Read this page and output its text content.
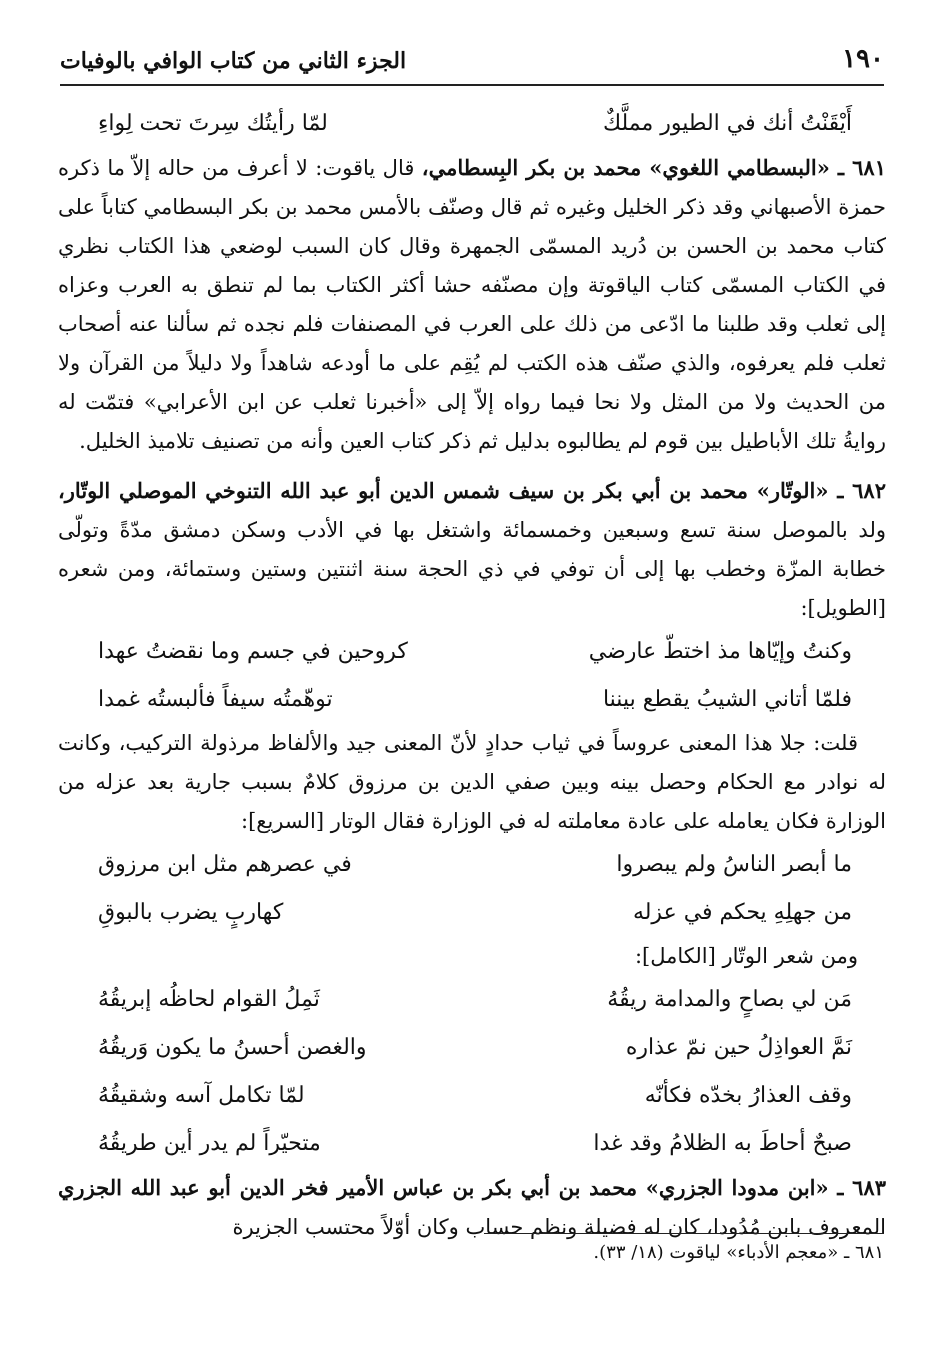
١٩٠
الجزء الثاني من كتاب الوافي بالوفيات
أَيْقَنْتُ أنك في الطيور مملَّكٌ
لمّا رأيتُك سِرتَ تحت لِواءِ

٦٨١ ـ «البسطامي اللغوي» محمد بن بكر البِسطامي، قال ياقوت: لا أعرف من حاله إلاّ ما ذكره حمزة الأصبهاني وقد ذكر الخليل وغيره ثم قال وصنّف بالأمس محمد بن بكر البسطامي كتاباً على كتاب محمد بن الحسن بن دُريد المسمّى الجمهرة وقال كان السبب لوضعي هذا الكتاب نظري في الكتاب المسمّى كتاب الياقوتة وإن مصنّفه حشا أكثر الكتاب بما لم تنطق به العرب وعزاه إلى ثعلب وقد طلبنا ما ادّعى من ذلك على العرب في المصنفات فلم نجده ثم سألنا عنه أصحاب ثعلب فلم يعرفوه، والذي صنّف هذه الكتب لم يُقِم على ما أودعه شاهداً ولا دليلاً من القرآن ولا من الحديث ولا من المثل ولا نحا فيما رواه إلاّ إلى «أخبرنا ثعلب عن ابن الأعرابي» فتمّت له روايةُ تلك الأباطيل بين قوم لم يطالبوه بدليل ثم ذكر كتاب العين وأنه من تصنيف تلاميذ الخليل.

٦٨٢ ـ «الوتّار» محمد بن أبي بكر بن سيف شمس الدين أبو عبد الله التنوخي الموصلي الوتّار، ولد بالموصل سنة تسع وسبعين وخمسمائة واشتغل بها في الأدب وسكن دمشق مدّةً وتولّى خطابة المزّة وخطب بها إلى أن توفي في ذي الحجة سنة اثنتين وستين وستمائة، ومن شعره [الطويل]:

وكنتُ وإيّاها مذ اختطّ عارضي
كروحين في جسم وما نقضتُ عهدا
فلمّا أتاني الشيبُ يقطع بيننا
توهّمتُه سيفاً فألبستُه غمدا

قلت: جلا هذا المعنى عروساً في ثياب حدادٍ لأنّ المعنى جيد والألفاظ مرذولة التركيب، وكانت له نوادر مع الحكام وحصل بينه وبين صفي الدين بن مرزوق كلامٌ بسبب جارية بعد عزله من الوزارة فكان يعامله على عادة معاملته له في الوزارة فقال الوتار [السريع]:

ما أبصر الناسُ ولم يبصروا
في عصرهم مثل ابن مرزوق
من جهلِهِ يحكم في عزله
كهاربٍ يضرب بالبوقِ

ومن شعر الوتّار [الكامل]:

مَن لي بصاحٍ والمدامة ريقُهُ
ثَمِلُ القوام لحاظُه إبريقُهُ
نَمَّ العواذِلُ حين نمّ عذاره
والغصن أحسنُ ما يكون وَريقُهُ
وقف العذارُ بخدّه فكأنّه
لمّا تكامل آسه وشقيقُهُ
صبحٌ أحاطَ به الظلامُ وقد غدا
متحيّراً لم يدر أين طريقُهُ

٦٨٣ ـ «ابن مدودا الجزري» محمد بن أبي بكر بن عباس الأمير فخر الدين أبو عبد الله الجزري المعروف بابن مُدُودا، كان له فضيلة ونظم حساب وكان أوّلاً محتسب الجزيرة

٦٨١ ـ «معجم الأدباء» لياقوت (١٨/ ٣٣).
